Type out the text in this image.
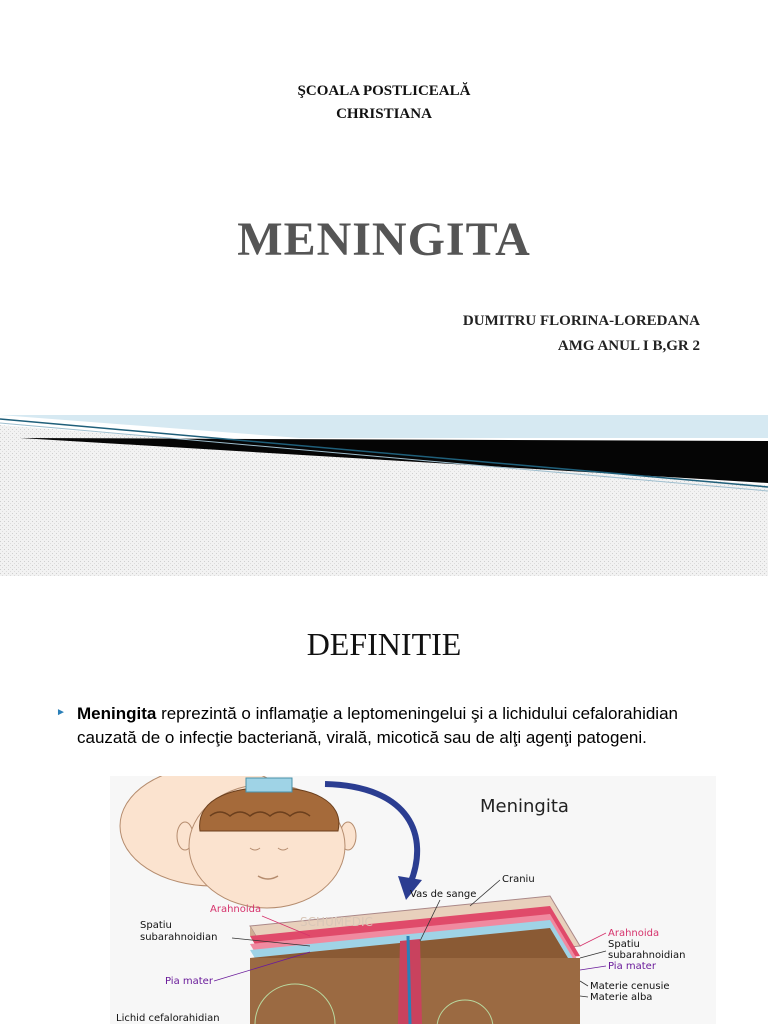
ŞCOALA POSTLICEALĂ
CHRISTIANA
MENINGITA
DUMITRU FLORINA-LOREDANA
AMG ANUL I B,GR 2
DEFINITIE
► Meningita reprezintă o inflamaţie a leptomeningelui şi a lichidului cefalorahidian cauzată de o infecţie bacteriană, virală, micotică sau de alţi agenţi patogeni.
Meningita
SCHUMEDIC
Arahnoida
Spatiu
subarahnoidian
Pia mater
Lichid cefalorahidian
Craniu
Vas de sange
Arahnoida
Spatiu
subarahnoidian
Pia mater
Materie cenusie
Materie alba
